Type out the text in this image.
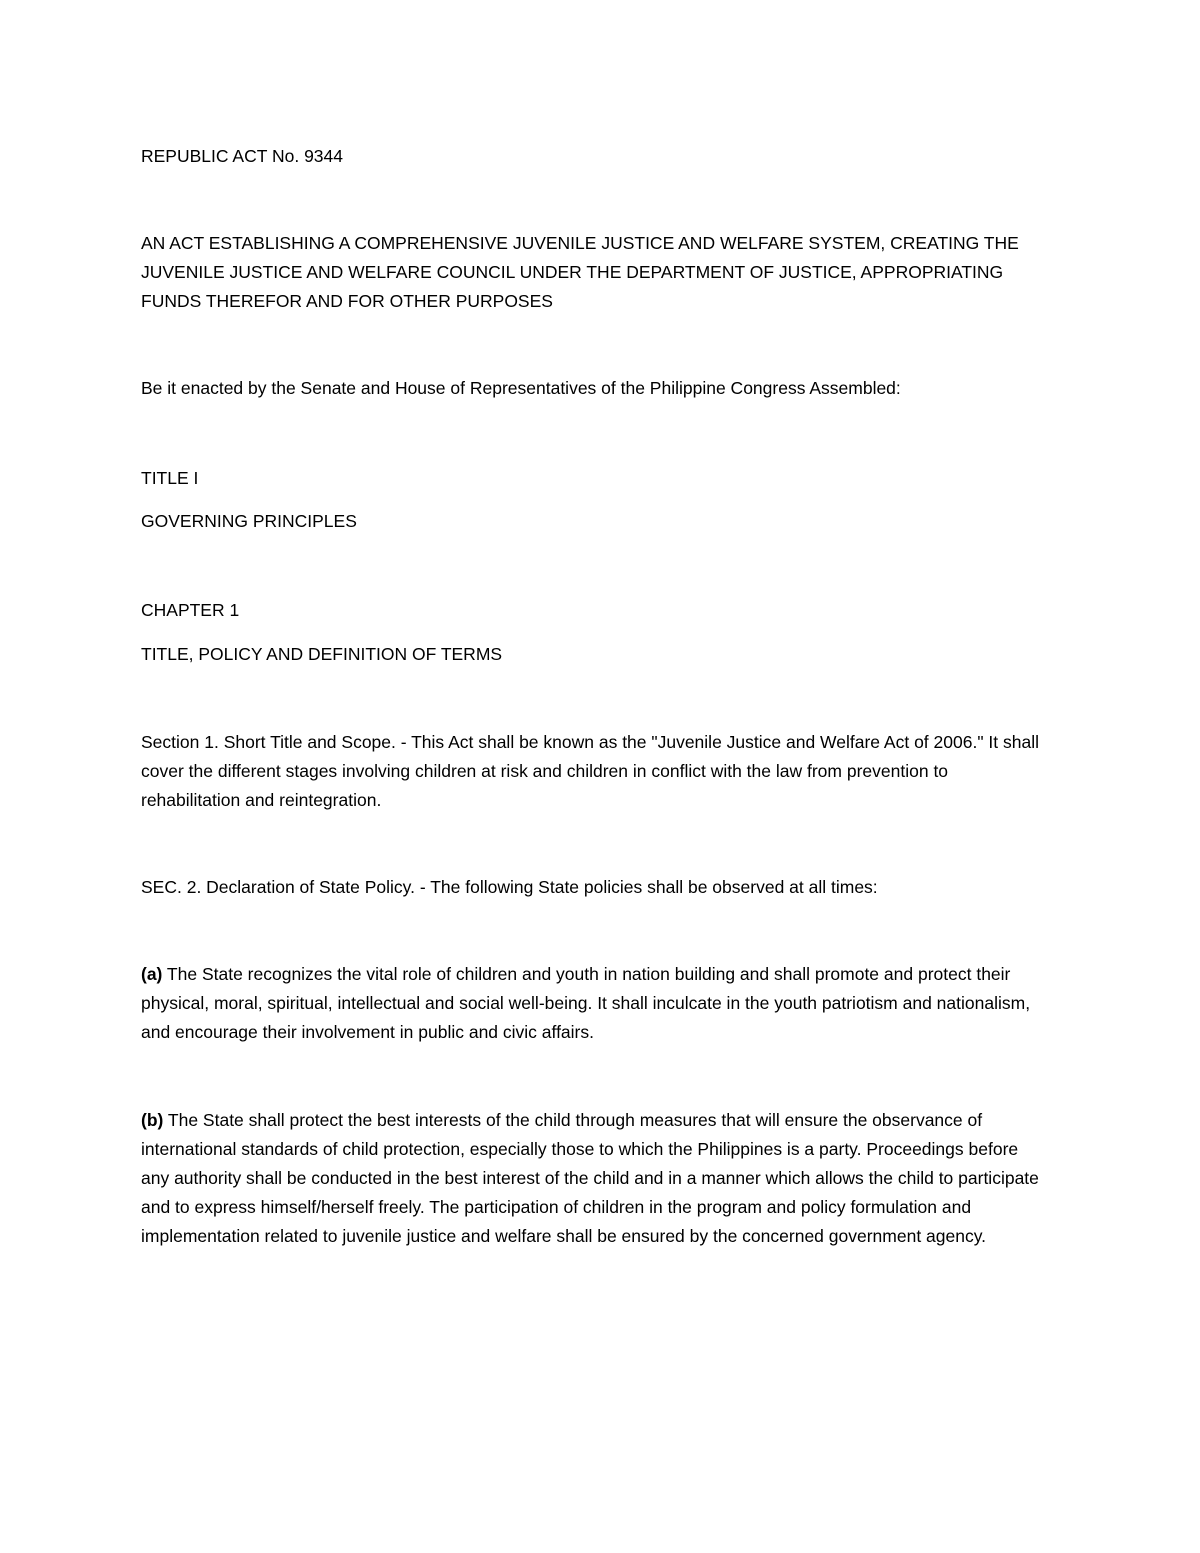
REPUBLIC ACT No. 9344
AN ACT ESTABLISHING A COMPREHENSIVE JUVENILE JUSTICE AND WELFARE SYSTEM, CREATING THE JUVENILE JUSTICE AND WELFARE COUNCIL UNDER THE DEPARTMENT OF JUSTICE, APPROPRIATING FUNDS THEREFOR AND FOR OTHER PURPOSES
Be it enacted by the Senate and House of Representatives of the Philippine Congress Assembled:
TITLE I
GOVERNING PRINCIPLES
CHAPTER 1
TITLE, POLICY AND DEFINITION OF TERMS
Section 1. Short Title and Scope. - This Act shall be known as the "Juvenile Justice and Welfare Act of 2006." It shall cover the different stages involving children at risk and children in conflict with the law from prevention to rehabilitation and reintegration.
SEC. 2. Declaration of State Policy. - The following State policies shall be observed at all times:
(a) The State recognizes the vital role of children and youth in nation building and shall promote and protect their physical, moral, spiritual, intellectual and social well-being. It shall inculcate in the youth patriotism and nationalism, and encourage their involvement in public and civic affairs.
(b) The State shall protect the best interests of the child through measures that will ensure the observance of international standards of child protection, especially those to which the Philippines is a party. Proceedings before any authority shall be conducted in the best interest of the child and in a manner which allows the child to participate and to express himself/herself freely. The participation of children in the program and policy formulation and implementation related to juvenile justice and welfare shall be ensured by the concerned government agency.
